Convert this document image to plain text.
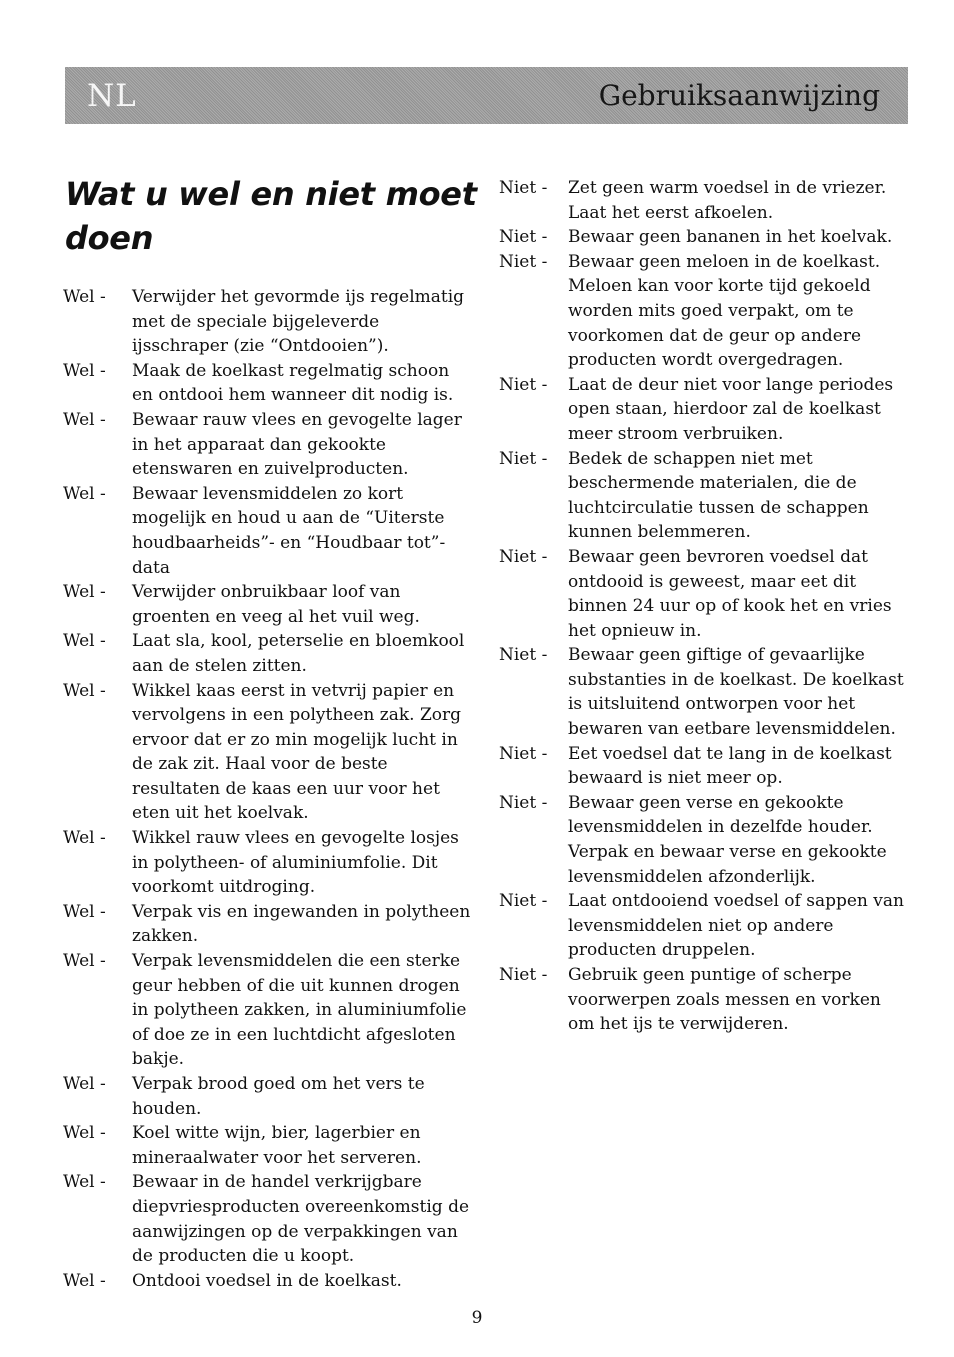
NL	Gebruiksaanwijzing
Wat u wel en niet moet doen
Wel -	Verwijder het gevormde ijs regelmatig met de speciale bijgeleverde ijsschraper (zie “Ontdooien”).
Wel -	Maak de koelkast regelmatig schoon en ontdooi hem wanneer dit nodig is.
Wel -	Bewaar rauw vlees en gevogelte lager in het apparaat dan gekookte etenswaren en zuivelproducten.
Wel -	Bewaar levensmiddelen zo kort mogelijk en houd u aan de “Uiterste houdbaarheids”- en “Houdbaar tot”- data
Wel -	Verwijder onbruikbaar loof van groenten en veeg al het vuil weg.
Wel -	Laat sla, kool, peterselie en bloemkool aan de stelen zitten.
Wel -	Wikkel kaas eerst in vetvrij papier en vervolgens in een polytheen zak. Zorg ervoor dat er zo min mogelijk lucht in de zak zit. Haal voor de beste resultaten de kaas een uur voor het eten uit het koelvak.
Wel -	Wikkel rauw vlees en gevogelte losjes in polytheen- of aluminiumfolie. Dit voorkomt uitdroging.
Wel -	Verpak vis en ingewanden in polytheen zakken.
Wel -	Verpak levensmiddelen die een sterke geur hebben of die uit kunnen drogen in polytheen zakken, in aluminiumfolie of doe ze in een luchtdicht afgesloten bakje.
Wel -	Verpak brood goed om het vers te houden.
Wel -	Koel witte wijn, bier, lagerbier en mineraalwater voor het serveren.
Wel -	Bewaar in de handel verkrijgbare diepvriesproducten overeenkomstig de aanwijzingen op de verpakkingen van de producten die u koopt.
Wel -	Ontdooi voedsel in de koelkast.
Niet -	Zet geen warm voedsel in de vriezer. Laat het eerst afkoelen.
Niet -	Bewaar geen bananen in het koelvak.
Niet -	Bewaar geen meloen in de koelkast. Meloen kan voor korte tijd gekoeld worden mits goed verpakt, om te voorkomen dat de geur op andere producten wordt overgedragen.
Niet -	Laat de deur niet voor lange periodes open staan, hierdoor zal de koelkast meer stroom verbruiken.
Niet -	Bedek de schappen niet met beschermende materialen, die de luchtcirculatie tussen de schappen kunnen belemmeren.
Niet -	Bewaar geen bevroren voedsel dat ontdooid is geweest, maar eet dit binnen 24 uur op of kook het en vries het opnieuw in.
Niet -	Bewaar geen giftige of gevaarlijke substanties in de koelkast. De koelkast is uitsluitend ontworpen voor het bewaren van eetbare levensmiddelen.
Niet -	Eet voedsel dat te lang in de koelkast bewaard is niet meer op.
Niet -	Bewaar geen verse en gekookte levensmiddelen in dezelfde houder. Verpak en bewaar verse en gekookte levensmiddelen afzonderlijk.
Niet -	Laat ontdooiend voedsel of sappen van levensmiddelen niet op andere producten druppelen.
Niet -	Gebruik geen puntige of scherpe voorwerpen zoals messen en vorken om het ijs te verwijderen.
9
